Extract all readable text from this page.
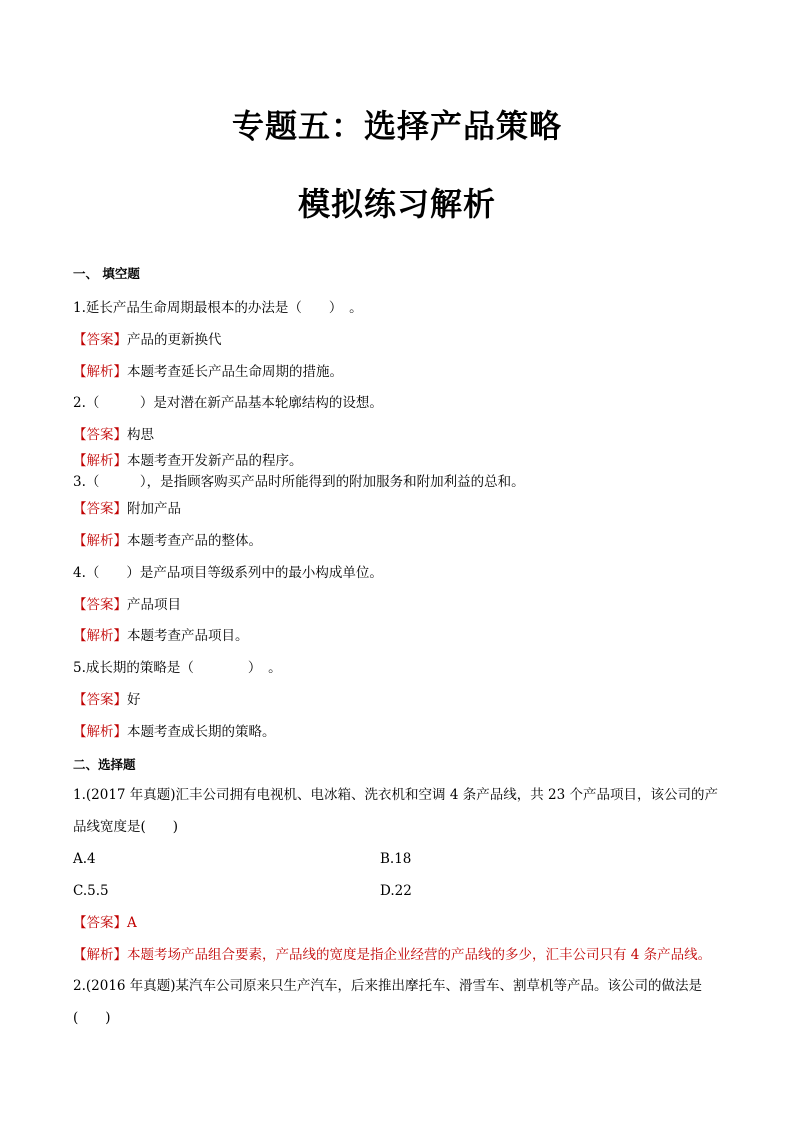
专题五：选择产品策略
模拟练习解析
一、 填空题
1.延长产品生命周期最根本的办法是（　　）　。
【答案】产品的更新换代
【解析】本题考查延长产品生命周期的措施。
2.（　　　）是对潜在新产品基本轮廓结构的设想。
【答案】构思
【解析】本题考查开发新产品的程序。
3.（　　　），是指顾客购买产品时所能得到的附加服务和附加利益的总和。
【答案】附加产品
【解析】本题考查产品的整体。
4.（　　）是产品项目等级系列中的最小构成单位。
【答案】产品项目
【解析】本题考查产品项目。
5.成长期的策略是（　　　　）　。
【答案】好
【解析】本题考查成长期的策略。
二、选择题
1.(2017 年真题)汇丰公司拥有电视机、电冰箱、洗衣机和空调 4 条产品线，共 23 个产品项目，该公司的产
品线宽度是(　　)
A.4	B.18
C.5.5	D.22
【答案】A
【解析】本题考场产品组合要素，产品线的宽度是指企业经营的产品线的多少，汇丰公司只有 4 条产品线。
2.(2016 年真题)某汽车公司原来只生产汽车，后来推出摩托车、滑雪车、割草机等产品。该公司的做法是
(　　)
